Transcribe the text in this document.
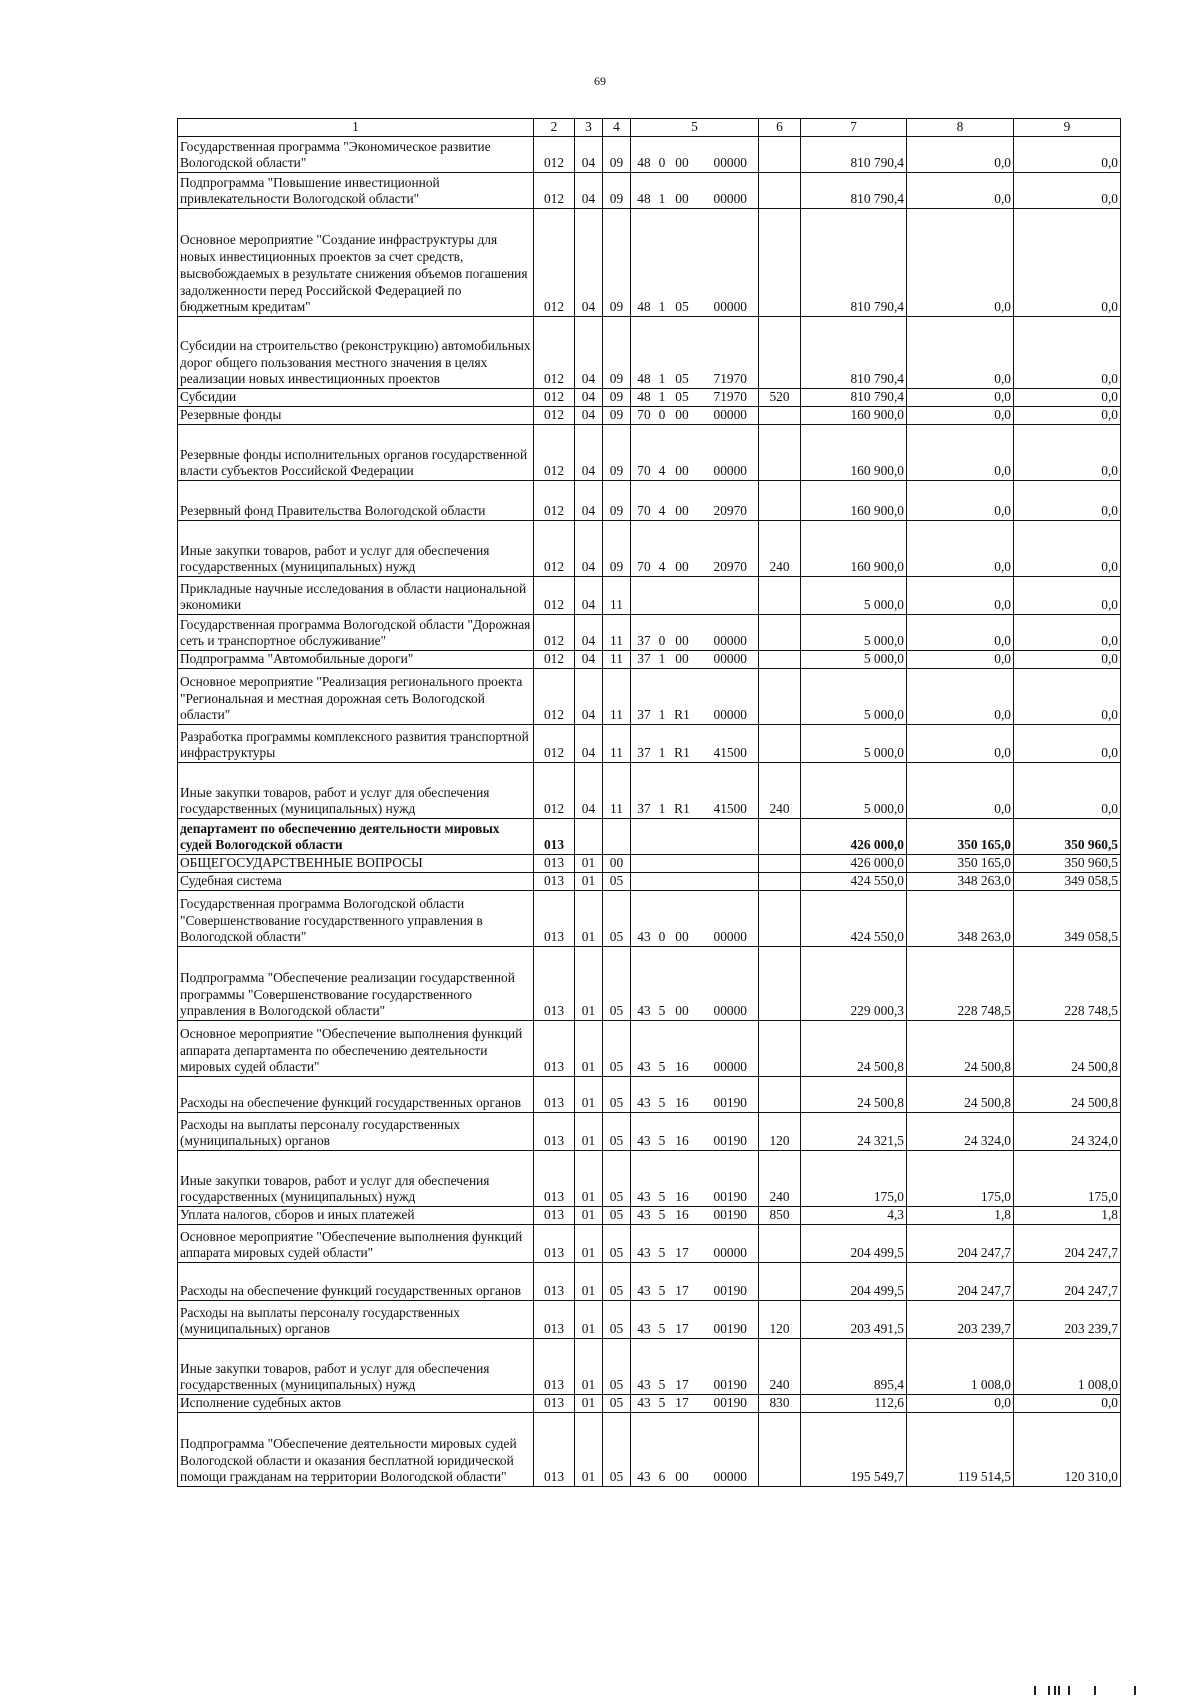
69
1	2	3	4	5	6	7	8	9
Государственная программа "Экономическое развитие Вологодской области"	012	04	09	48 0 00 00000		810 790,4	0,0	0,0
Подпрограмма "Повышение инвестиционной привлекательности Вологодской области"	012	04	09	48 1 00 00000		810 790,4	0,0	0,0
Основное мероприятие "Создание инфраструктуры для новых инвестиционных проектов за счет средств, высвобождаемых в результате снижения объемов погашения задолженности перед Российской Федерацией по бюджетным кредитам"	012	04	09	48 1 05 00000		810 790,4	0,0	0,0
Субсидии на строительство (реконструкцию) автомобильных дорог общего пользования местного значения в целях реализации новых инвестиционных проектов	012	04	09	48 1 05 71970		810 790,4	0,0	0,0
Субсидии	012	04	09	48 1 05 71970	520	810 790,4	0,0	0,0
Резервные фонды	012	04	09	70 0 00 00000		160 900,0	0,0	0,0
Резервные фонды исполнительных органов государственной власти субъектов Российской Федерации	012	04	09	70 4 00 00000		160 900,0	0,0	0,0
Резервный фонд Правительства Вологодской области	012	04	09	70 4 00 20970		160 900,0	0,0	0,0
Иные закупки товаров, работ и услуг для обеспечения государственных (муниципальных) нужд	012	04	09	70 4 00 20970	240	160 900,0	0,0	0,0
Прикладные научные исследования в области национальной экономики	012	04	11			5 000,0	0,0	0,0
Государственная программа Вологодской области "Дорожная сеть и транспортное обслуживание"	012	04	11	37 0 00 00000		5 000,0	0,0	0,0
Подпрограмма "Автомобильные дороги"	012	04	11	37 1 00 00000		5 000,0	0,0	0,0
Основное мероприятие "Реализация регионального проекта "Региональная и местная дорожная сеть Вологодской области"	012	04	11	37 1 R1 00000		5 000,0	0,0	0,0
Разработка программы комплексного развития транспортной инфраструктуры	012	04	11	37 1 R1 41500		5 000,0	0,0	0,0
Иные закупки товаров, работ и услуг для обеспечения государственных (муниципальных) нужд	012	04	11	37 1 R1 41500	240	5 000,0	0,0	0,0
департамент по обеспечению деятельности мировых судей Вологодской области	013					426 000,0	350 165,0	350 960,5
ОБЩЕГОСУДАРСТВЕННЫЕ ВОПРОСЫ	013	01	00			426 000,0	350 165,0	350 960,5
Судебная система	013	01	05			424 550,0	348 263,0	349 058,5
Государственная программа Вологодской области "Совершенствование государственного управления в Вологодской области"	013	01	05	43 0 00 00000		424 550,0	348 263,0	349 058,5
Подпрограмма "Обеспечение реализации государственной программы "Совершенствование государственного управления в Вологодской области"	013	01	05	43 5 00 00000		229 000,3	228 748,5	228 748,5
Основное мероприятие "Обеспечение выполнения функций аппарата департамента по обеспечению деятельности мировых судей области"	013	01	05	43 5 16 00000		24 500,8	24 500,8	24 500,8
Расходы на обеспечение функций государственных органов	013	01	05	43 5 16 00190		24 500,8	24 500,8	24 500,8
Расходы на выплаты персоналу государственных (муниципальных) органов	013	01	05	43 5 16 00190	120	24 321,5	24 324,0	24 324,0
Иные закупки товаров, работ и услуг для обеспечения государственных (муниципальных) нужд	013	01	05	43 5 16 00190	240	175,0	175,0	175,0
Уплата налогов, сборов и иных платежей	013	01	05	43 5 16 00190	850	4,3	1,8	1,8
Основное мероприятие "Обеспечение выполнения функций аппарата мировых судей области"	013	01	05	43 5 17 00000		204 499,5	204 247,7	204 247,7
Расходы на обеспечение функций государственных органов	013	01	05	43 5 17 00190		204 499,5	204 247,7	204 247,7
Расходы на выплаты персоналу государственных (муниципальных) органов	013	01	05	43 5 17 00190	120	203 491,5	203 239,7	203 239,7
Иные закупки товаров, работ и услуг для обеспечения государственных (муниципальных) нужд	013	01	05	43 5 17 00190	240	895,4	1 008,0	1 008,0
Исполнение судебных актов	013	01	05	43 5 17 00190	830	112,6	0,0	0,0
Подпрограмма "Обеспечение деятельности мировых судей Вологодской области и оказания бесплатной юридической помощи гражданам на территории Вологодской области"	013	01	05	43 6 00 00000		195 549,7	119 514,5	120 310,0
